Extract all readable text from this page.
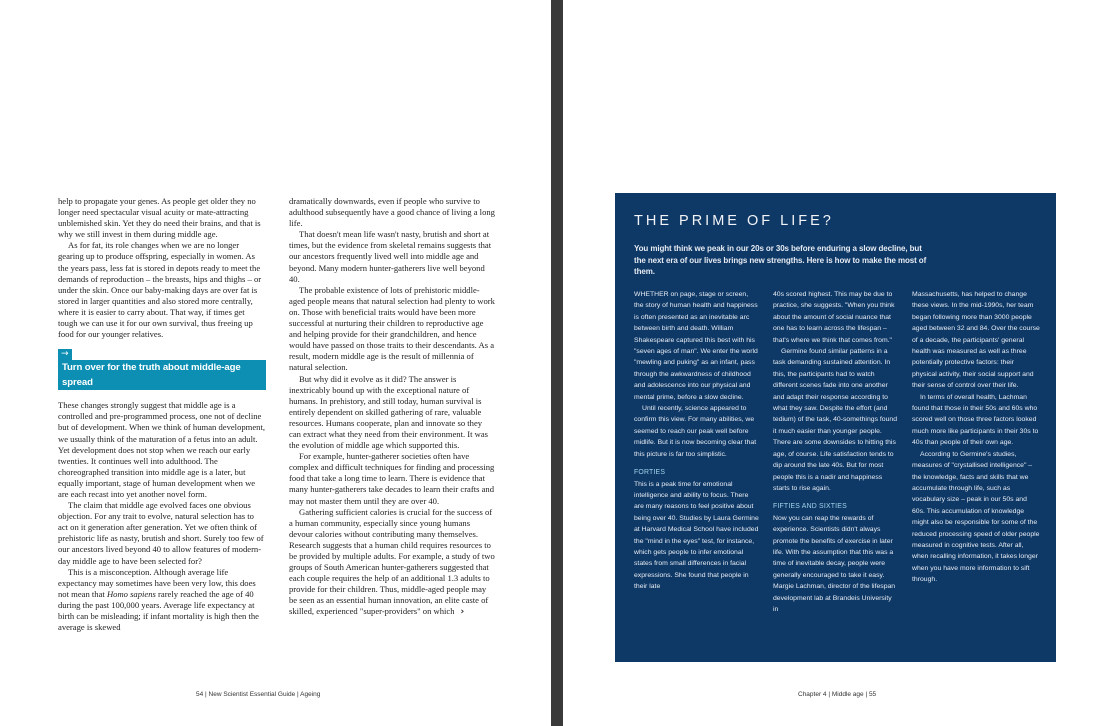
help to propagate your genes. As people get older they no longer need spectacular visual acuity or mate-attracting unblemished skin. Yet they do need their brains, and that is why we still invest in them during middle age.

As for fat, its role changes when we are no longer gearing up to produce offspring, especially in women. As the years pass, less fat is stored in depots ready to meet the demands of reproduction – the breasts, hips and thighs – or under the skin. Once our baby-making days are over fat is stored in larger quantities and also stored more centrally, where it is easier to carry about. That way, if times get tough we can use it for our own survival, thus freeing up food for our younger relatives.

→
Turn over for the truth about middle-age spread

These changes strongly suggest that middle age is a controlled and pre-programmed process, one not of decline but of development. When we think of human development, we usually think of the maturation of a fetus into an adult. Yet development does not stop when we reach our early twenties. It continues well into adulthood. The choreographed transition into middle age is a later, but equally important, stage of human development when we are each recast into yet another novel form.

The claim that middle age evolved faces one obvious objection. For any trait to evolve, natural selection has to act on it generation after generation. Yet we often think of prehistoric life as nasty, brutish and short. Surely too few of our ancestors lived beyond 40 to allow features of modern-day middle age to have been selected for?

This is a misconception. Although average life expectancy may sometimes have been very low, this does not mean that Homo sapiens rarely reached the age of 40 during the past 100,000 years. Average life expectancy at birth can be misleading; if infant mortality is high then the average is skewed

dramatically downwards, even if people who survive to adulthood subsequently have a good chance of living a long life.

That doesn't mean life wasn't nasty, brutish and short at times, but the evidence from skeletal remains suggests that our ancestors frequently lived well into middle age and beyond. Many modern hunter-gatherers live well beyond 40.

The probable existence of lots of prehistoric middle-aged people means that natural selection had plenty to work on. Those with beneficial traits would have been more successful at nurturing their children to reproductive age and helping provide for their grandchildren, and hence would have passed on those traits to their descendants. As a result, modern middle age is the result of millennia of natural selection.

But why did it evolve as it did? The answer is inextricably bound up with the exceptional nature of humans. In prehistory, and still today, human survival is entirely dependent on skilled gathering of rare, valuable resources. Humans cooperate, plan and innovate so they can extract what they need from their environment. It was the evolution of middle age which supported this.

For example, hunter-gatherer societies often have complex and difficult techniques for finding and processing food that take a long time to learn. There is evidence that many hunter-gatherers take decades to learn their crafts and may not master them until they are over 40.

Gathering sufficient calories is crucial for the success of a human community, especially since young humans devour calories without contributing many themselves. Research suggests that a human child requires resources to be provided by multiple adults. For example, a study of two groups of South American hunter-gatherers suggested that each couple requires the help of an additional 1.3 adults to provide for their children. Thus, middle-aged people may be seen as an essential human innovation, an elite caste of skilled, experienced "super-providers" on which ›

54 | New Scientist Essential Guide | Ageing
THE PRIME OF LIFE?
You might think we peak in our 20s or 30s before enduring a slow decline, but the next era of our lives brings new strengths. Here is how to make the most of them.

WHETHER on page, stage or screen, the story of human health and happiness is often presented as an inevitable arc between birth and death. William Shakespeare captured this best with his "seven ages of man". We enter the world "mewling and puking" as an infant, pass through the awkwardness of childhood and adolescence into our physical and mental prime, before a slow decline.

Until recently, science appeared to confirm this view. For many abilities, we seemed to reach our peak well before midlife. But it is now becoming clear that this picture is far too simplistic.

FORTIES

This is a peak time for emotional intelligence and ability to focus. There are many reasons to feel positive about being over 40. Studies by Laura Germine at Harvard Medical School have included the "mind in the eyes" test, for instance, which gets people to infer emotional states from small differences in facial expressions. She found that people in their late

40s scored highest. This may be due to practice, she suggests. "When you think about the amount of social nuance that one has to learn across the lifespan – that's where we think that comes from."

Germine found similar patterns in a task demanding sustained attention. In this, the participants had to watch different scenes fade into one another and adapt their response according to what they saw. Despite the effort (and tedium) of the task, 40-somethings found it much easier than younger people. There are some downsides to hitting this age, of course. Life satisfaction tends to dip around the late 40s. But for most people this is a nadir and happiness starts to rise again.

FIFTIES AND SIXTIES

Now you can reap the rewards of experience. Scientists didn't always promote the benefits of exercise in later life. With the assumption that this was a time of inevitable decay, people were generally encouraged to take it easy. Margie Lachman, director of the lifespan development lab at Brandeis University in

Massachusetts, has helped to change these views. In the mid-1990s, her team began following more than 3000 people aged between 32 and 84. Over the course of a decade, the participants' general health was measured as well as three potentially protective factors: their physical activity, their social support and their sense of control over their life.

In terms of overall health, Lachman found that those in their 50s and 60s who scored well on those three factors looked much more like participants in their 30s to 40s than people of their own age.

According to Germine's studies, measures of "crystallised intelligence" – the knowledge, facts and skills that we accumulate through life, such as vocabulary size – peak in our 50s and 60s. This accumulation of knowledge might also be responsible for some of the reduced processing speed of older people measured in cognitive tests. After all, when recalling information, it takes longer when you have more information to sift through.

Chapter 4 | Middle age | 55
